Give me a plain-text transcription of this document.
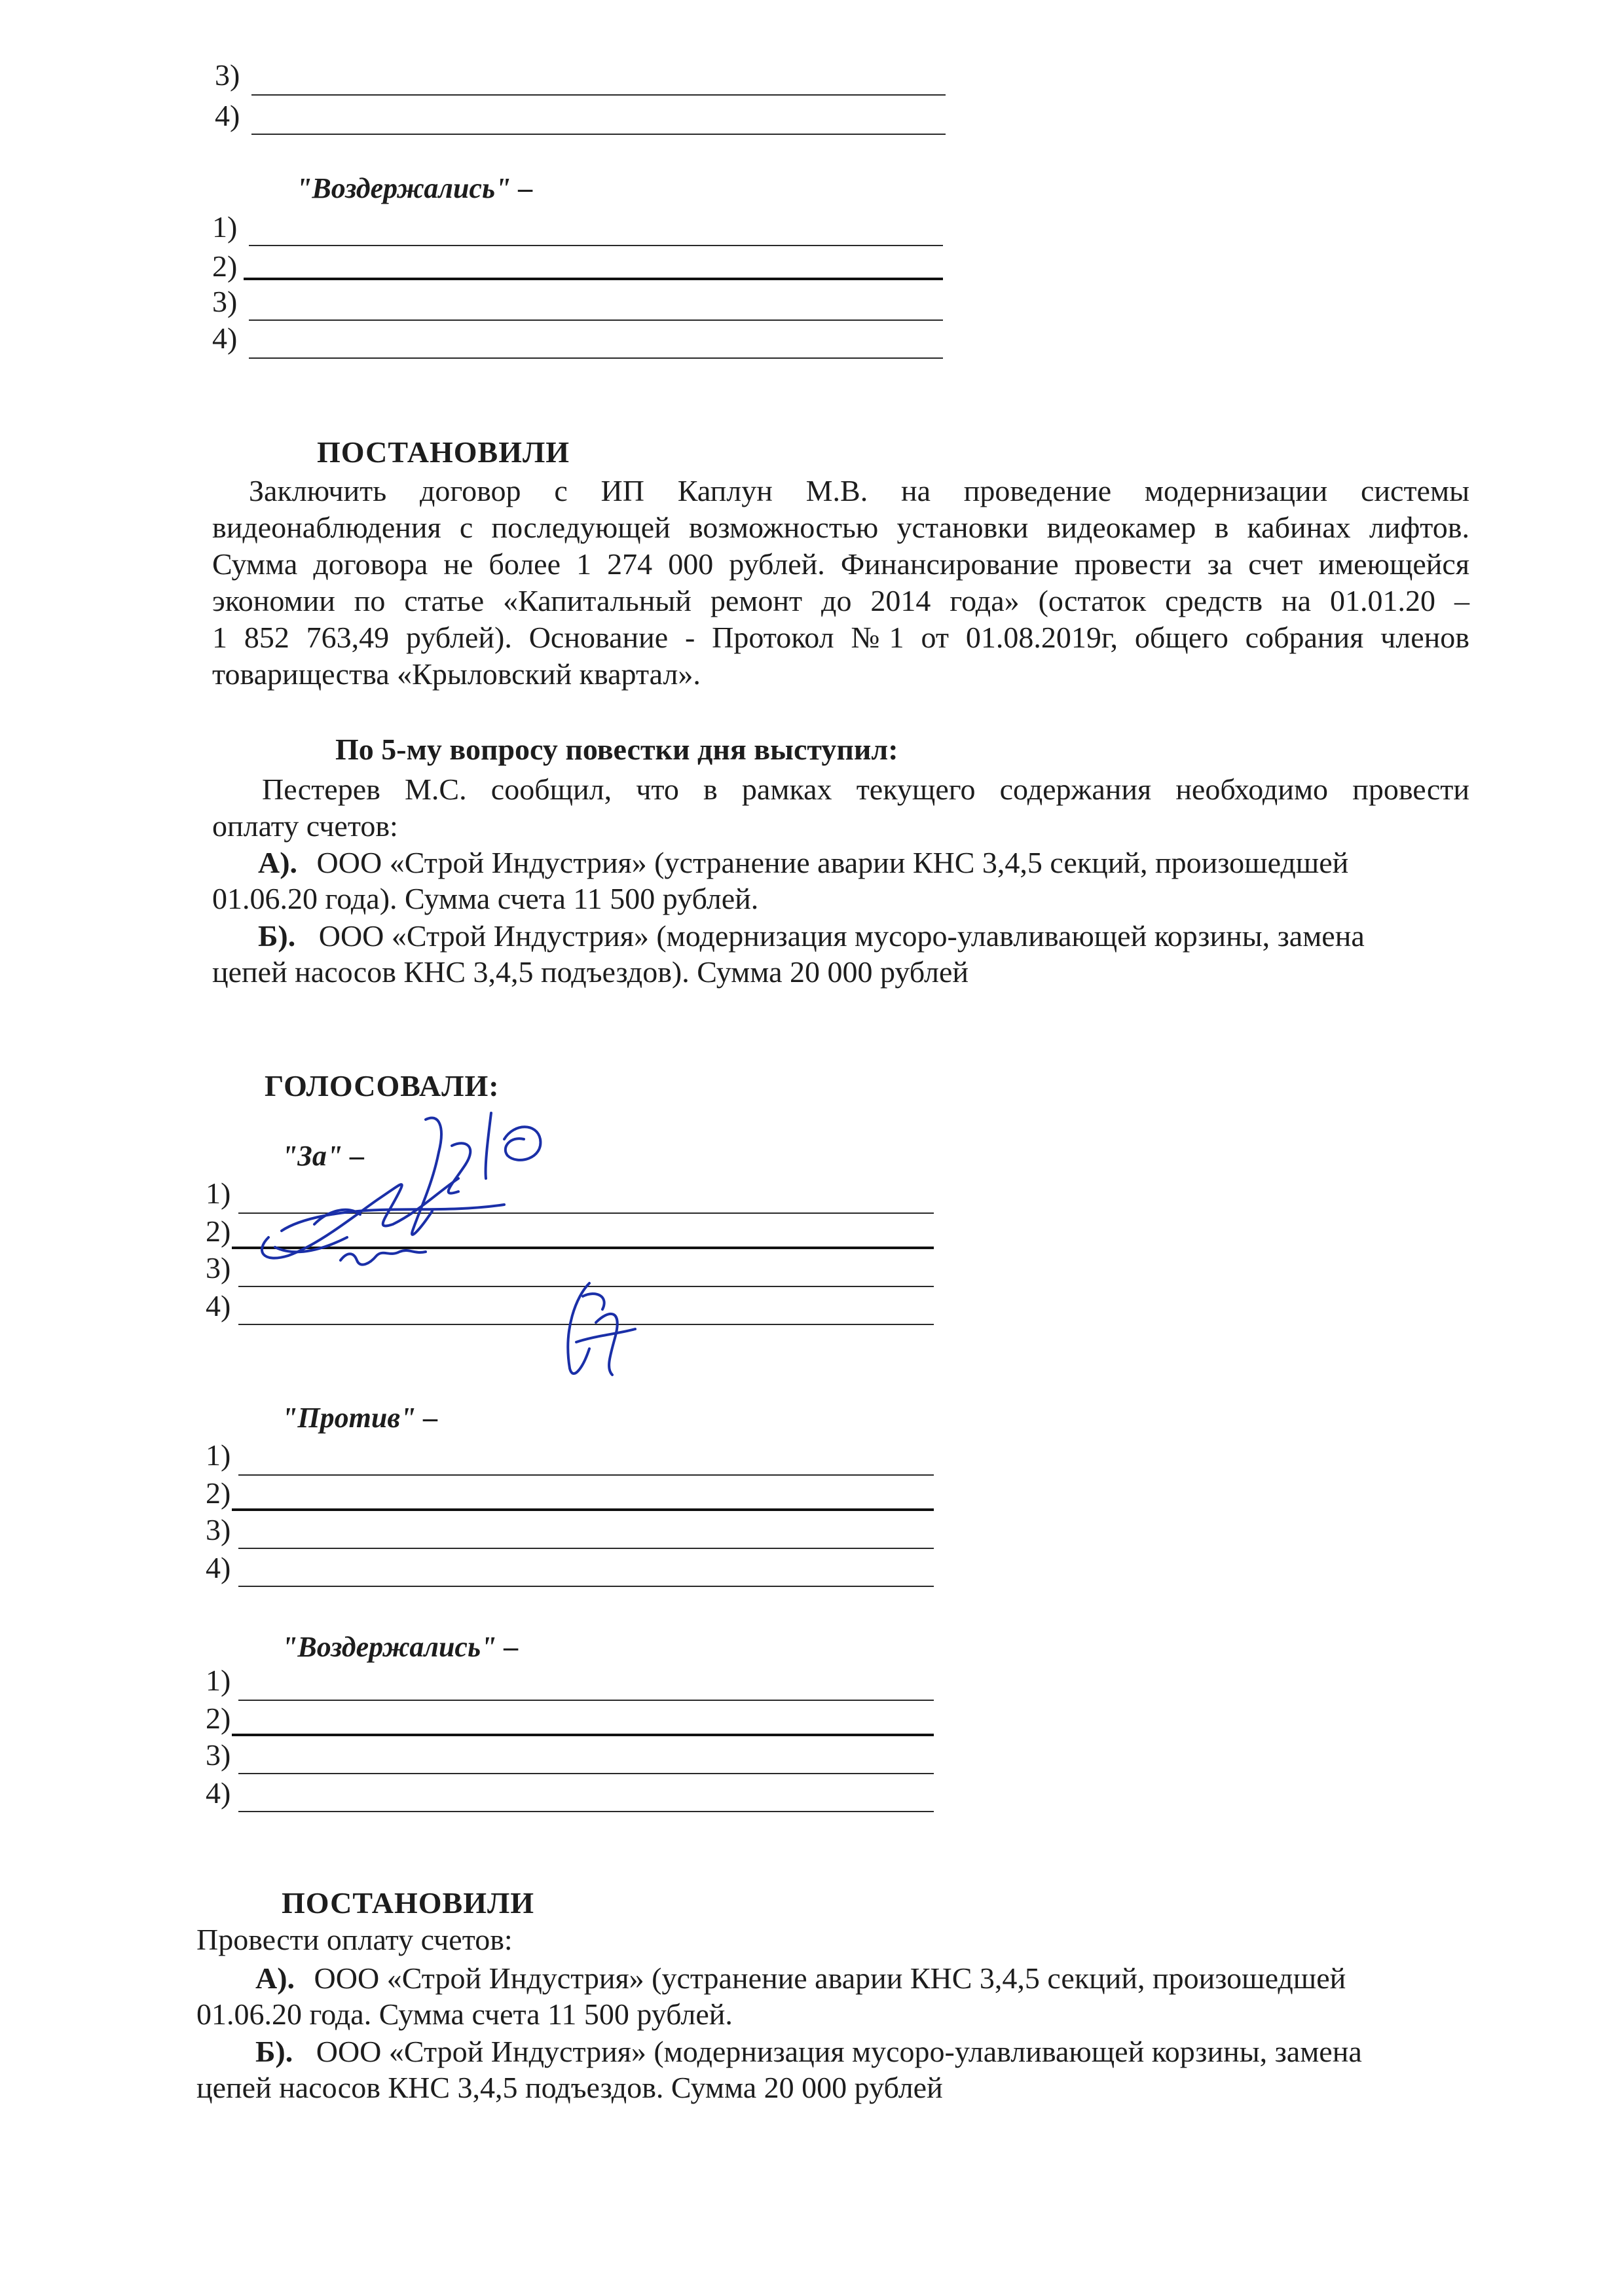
3)
4)
"Воздержались" –
1)
2)
3)
4)
ПОСТАНОВИЛИ
Заключить договор с ИП Каплун М.В. на проведение модернизации системы
видеонаблюдения с последующей возможностью установки видеокамер в кабинах лифтов.
Сумма договора не более 1 274 000 рублей. Финансирование провести за счет имеющейся
экономии по статье «Капитальный ремонт до 2014 года» (остаток средств на 01.01.20 –
1 852 763,49 рублей). Основание - Протокол №1 от 01.08.2019г, общего собрания членов
товарищества «Крыловский квартал».
По 5-му вопросу повестки дня выступил:
Пестерев М.С. сообщил, что в рамках текущего содержания необходимо провести
оплату счетов:
А). ООО «Строй Индустрия» (устранение аварии КНС 3,4,5 секций, произошедшей
01.06.20 года). Сумма счета 11 500 рублей.
Б). ООО «Строй Индустрия» (модернизация мусоро-улавливающей корзины, замена
цепей насосов КНС 3,4,5 подъездов). Сумма 20 000 рублей
ГОЛОСОВАЛИ:
"За" –
1)
2)
3)
4)
"Против" –
1)
2)
3)
4)
"Воздержались" –
1)
2)
3)
4)
ПОСТАНОВИЛИ
Провести оплату счетов:
А). ООО «Строй Индустрия» (устранение аварии КНС 3,4,5 секций, произошедшей
01.06.20 года. Сумма счета 11 500 рублей.
Б). ООО «Строй Индустрия» (модернизация мусоро-улавливающей корзины, замена
цепей насосов КНС 3,4,5 подъездов. Сумма 20 000 рублей
